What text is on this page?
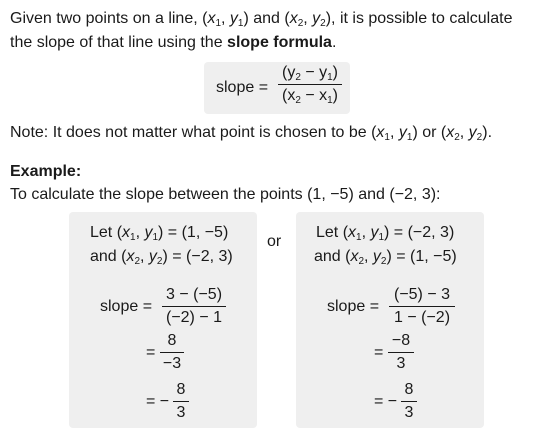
Given two points on a line, ($x_1$, $y_1$) and ($x_2$, $y_2$), it is possible to calculate
the slope of that line using the slope formula.
slope =
$(y_2 - y_1)$
$(x_2 - x_1)$
Note: It does not matter what point is chosen to be ($x_1$, $y_1$) or ($x_2$, $y_2$).
Example:
To calculate the slope between the points (1, −5) and (−2, 3):
Let ($x_1$, $y_1) = (1$, −5)
and ($x_2$, $y_2) = (-2$, 3)
slope =
3 − (−5)
(−2) − 1
=
8
−3
= −
8
3
or
Let ($x_1$, $y_1) = (-2$, 3)
and ($x_2$, $y_2) = (1$, −5)
slope =
(−5) − 3
1 − (−2)
=
−8
3
= −
8
3
